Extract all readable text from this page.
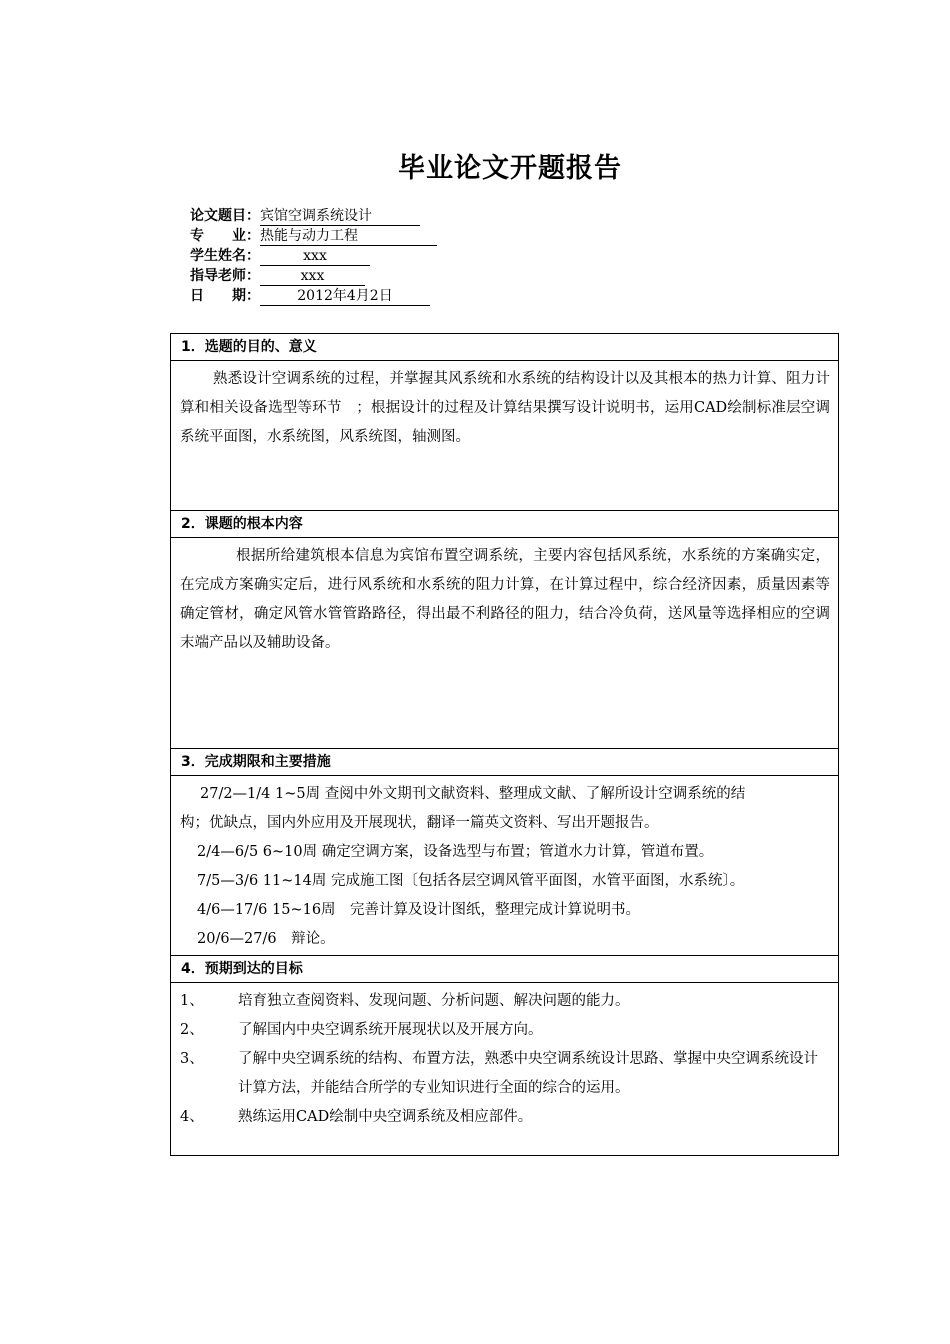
毕业论文开题报告
论文题目：宾馆空调系统设计
专　　业：热能与动力工程
学生姓名：	xxx
指导老师：	xxx
日　　期：	2012年4月2日
1．选题的目的、意义

熟悉设计空调系统的过程，并掌握其风系统和水系统的结构设计以及其根本的热力计算、阻力计算和相关设备选型等环节　；根据设计的过程及计算结果撰写设计说明书，运用CAD绘制标准层空调系统平面图，水系统图，风系统图，轴测图。

2．课题的根本内容

根据所给建筑根本信息为宾馆布置空调系统，主要内容包括风系统，水系统的方案确实定，在完成方案确实定后，进行风系统和水系统的阻力计算，在计算过程中，综合经济因素，质量因素等确定管材，确定风管水管管路路径，得出最不利路径的阻力，结合冷负荷，送风量等选择相应的空调末端产品以及辅助设备。

3．完成期限和主要措施

27/2—1/4 1~5周 查阅中外文期刊文献资料、整理成文献、了解所设计空调系统的结

构；优缺点，国内外应用及开展现状，翻译一篇英文资料、写出开题报告。

2/4—6/5 6~10周 确定空调方案，设备选型与布置；管道水力计算，管道布置。

7/5—3/6 11~14周 完成施工图〔包括各层空调风管平面图，水管平面图，水系统〕。

4/6—17/6 15~16周　完善计算及设计图纸，整理完成计算说明书。

20/6—27/6　辩论。

4．预期到达的目标
1、	培育独立查阅资料、发现问题、分析问题、解决问题的能力。
2、	了解国内中央空调系统开展现状以及开展方向。
3、	了解中央空调系统的结构、布置方法，熟悉中央空调系统设计思路、掌握中央空调系统设计计算方法，并能结合所学的专业知识进行全面的综合的运用。
4、	熟练运用CAD绘制中央空调系统及相应部件。
